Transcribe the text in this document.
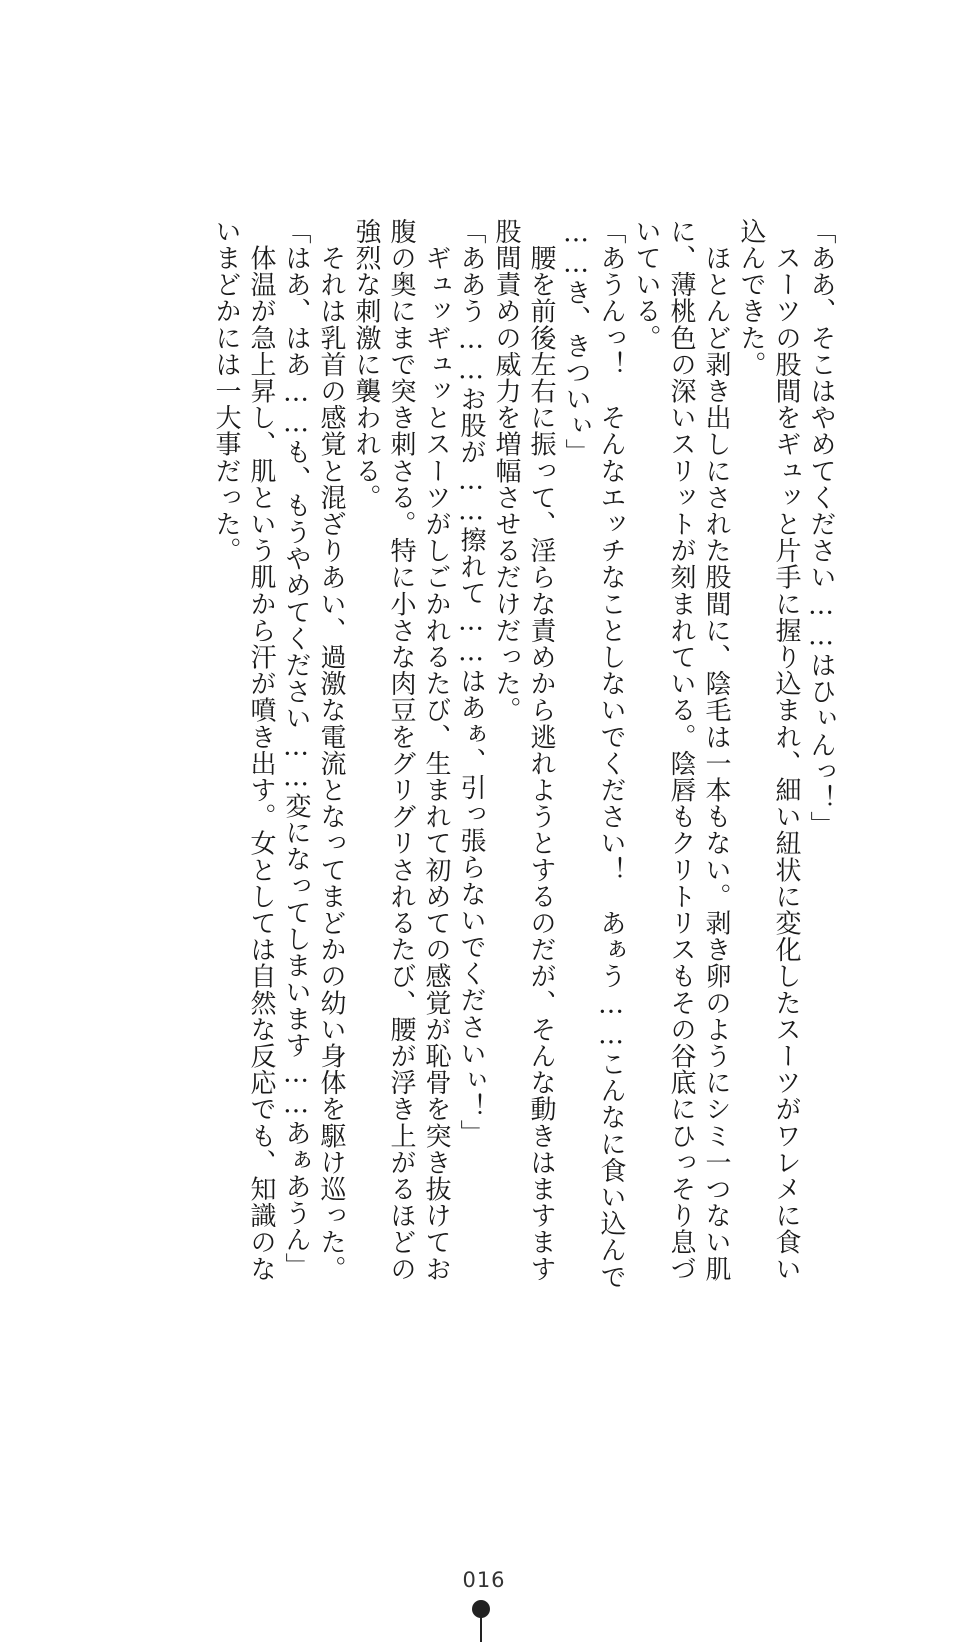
「ああ、そこはやめてください……はひぃんっ！」
　スーツの股間をギュッと片手に握り込まれ、細い紐状に変化したスーツがワレメに食い
込んできた。
　ほとんど剥き出しにされた股間に、陰毛は一本もない。剥き卵のようにシミ一つない肌
に、薄桃色の深いスリットが刻まれている。陰唇もクリトリスもその谷底にひっそり息づ
いている。
「あうんっ！　そんなエッチなことしないでください！　あぁう……こんなに食い込んで
……き、きついぃ」
　腰を前後左右に振って、淫らな責めから逃れようとするのだが、そんな動きはますます
股間責めの威力を増幅させるだけだった。
「ああう……お股が……擦れて……はあぁ、引っ張らないでくださいぃ！」
　ギュッギュッとスーツがしごかれるたび、生まれて初めての感覚が恥骨を突き抜けてお
腹の奥にまで突き刺さる。特に小さな肉豆をグリグリされるたび、腰が浮き上がるほどの
強烈な刺激に襲われる。
　それは乳首の感覚と混ざりあい、過激な電流となってまどかの幼い身体を駆け巡った。
「はあ、はあ……も、もうやめてください……変になってしまいます……あぁあうん」
　体温が急上昇し、肌という肌から汗が噴き出す。女としては自然な反応でも、知識のな
いまどかには一大事だった。
016
